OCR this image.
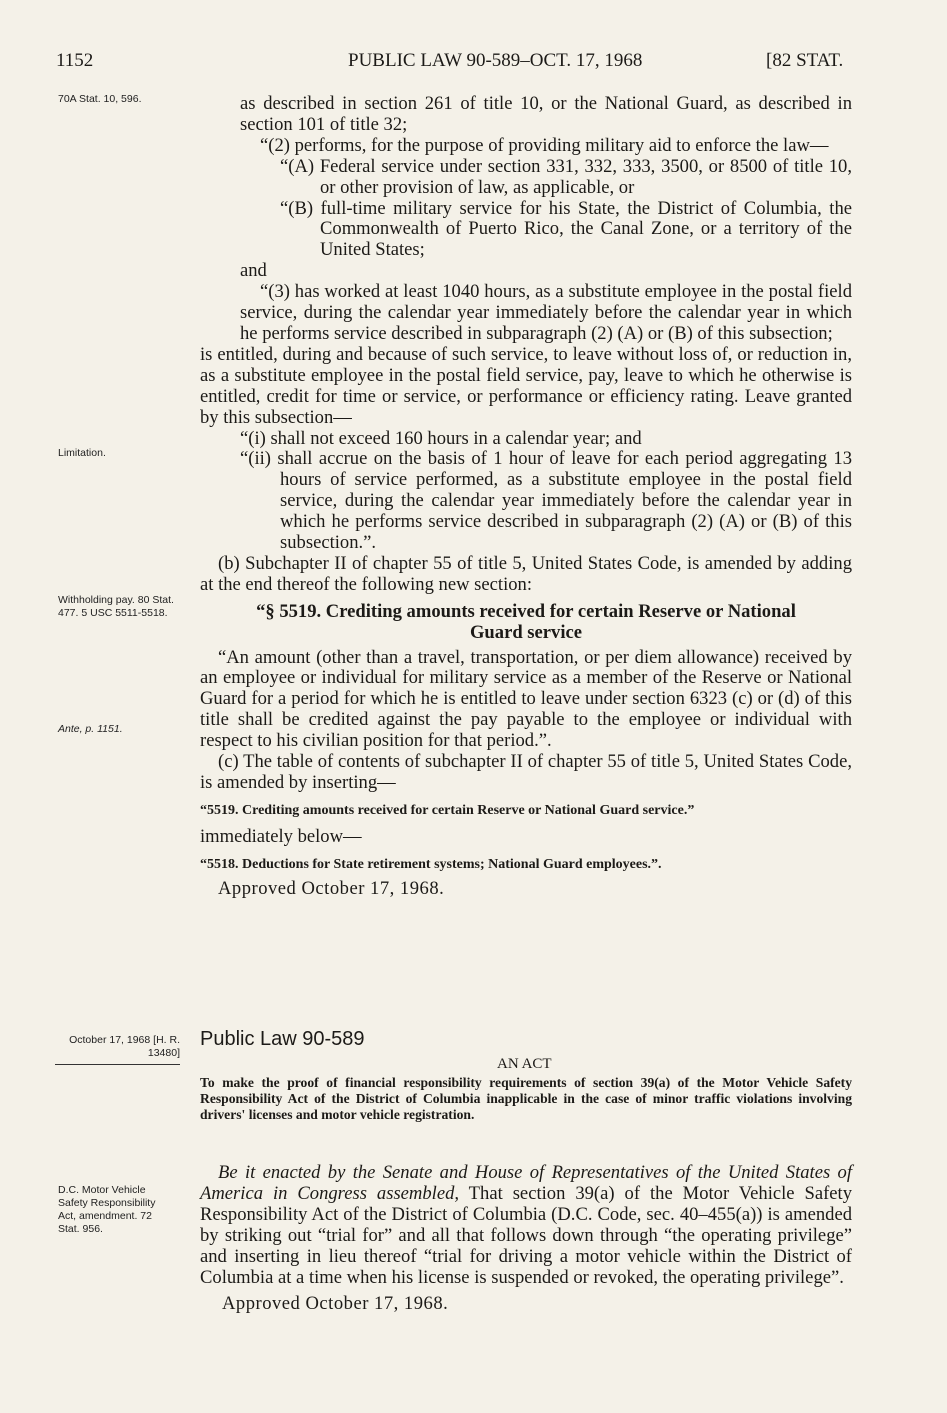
1152	PUBLIC LAW 90-589–OCT. 17, 1968	[82 STAT.
70A Stat. 10, 596.
Limitation.
Withholding pay. 80 Stat. 477. 5 USC 5511-5518.
Ante, p. 1151.
October 17, 1968 [H. R. 13480]
D.C. Motor Vehicle Safety Responsibility Act, amendment. 72 Stat. 956.

as described in section 261 of title 10, or the National Guard, as described in section 101 of title 32;

“(2) performs, for the purpose of providing military aid to enforce the law—

“(A) Federal service under section 331, 332, 333, 3500, or 8500 of title 10, or other provision of law, as applicable, or

“(B) full-time military service for his State, the District of Columbia, the Commonwealth of Puerto Rico, the Canal Zone, or a territory of the United States;

and

“(3) has worked at least 1040 hours, as a substitute employee in the postal field service, during the calendar year immediately before the calendar year in which he performs service described in subparagraph (2) (A) or (B) of this subsection;

is entitled, during and because of such service, to leave without loss of, or reduction in, as a substitute employee in the postal field service, pay, leave to which he otherwise is entitled, credit for time or service, or performance or efficiency rating. Leave granted by this subsection—

“(i) shall not exceed 160 hours in a calendar year; and

“(ii) shall accrue on the basis of 1 hour of leave for each period aggregating 13 hours of service performed, as a substitute employee in the postal field service, during the calendar year immediately before the calendar year in which he performs service described in subparagraph (2) (A) or (B) of this subsection.”.

(b) Subchapter II of chapter 55 of title 5, United States Code, is amended by adding at the end thereof the following new section:

“§ 5519. Crediting amounts received for certain Reserve or National Guard service

“An amount (other than a travel, transportation, or per diem allowance) received by an employee or individual for military service as a member of the Reserve or National Guard for a period for which he is entitled to leave under section 6323 (c) or (d) of this title shall be credited against the pay payable to the employee or individual with respect to his civilian position for that period.”.

(c) The table of contents of subchapter II of chapter 55 of title 5, United States Code, is amended by inserting—

“5519. Crediting amounts received for certain Reserve or National Guard service.”

immediately below—

“5518. Deductions for State retirement systems; National Guard employees.”.

Approved October 17, 1968.

Public Law 90-589
AN ACT
To make the proof of financial responsibility requirements of section 39(a) of the Motor Vehicle Safety Responsibility Act of the District of Columbia inapplicable in the case of minor traffic violations involving drivers' licenses and motor vehicle registration.

Be it enacted by the Senate and House of Representatives of the United States of America in Congress assembled, That section 39(a) of the Motor Vehicle Safety Responsibility Act of the District of Columbia (D.C. Code, sec. 40–455(a)) is amended by striking out “trial for” and all that follows down through “the operating privilege” and inserting in lieu thereof “trial for driving a motor vehicle within the District of Columbia at a time when his license is suspended or revoked, the operating privilege”.

Approved October 17, 1968.
